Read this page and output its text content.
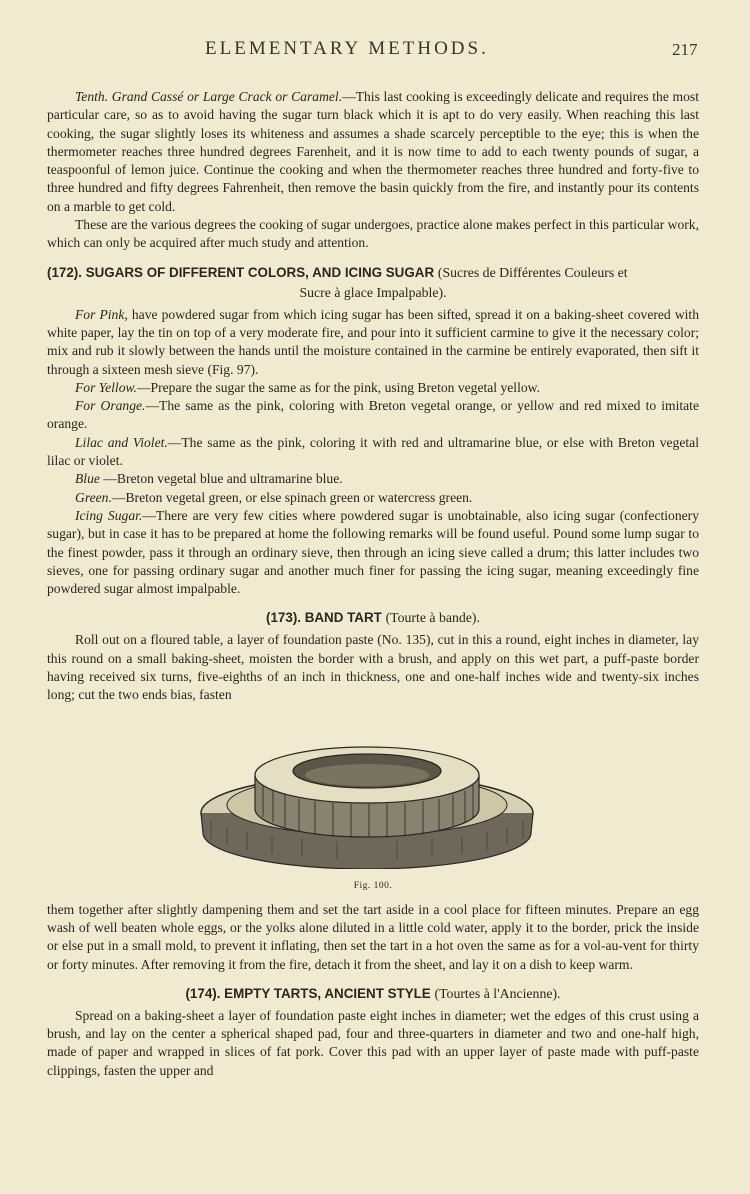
ELEMENTARY METHODS.	217

Tenth. Grand Cassé or Large Crack or Caramel.—This last cooking is exceedingly delicate and requires the most particular care, so as to avoid having the sugar turn black which it is apt to do very easily. When reaching this last cooking, the sugar slightly loses its whiteness and assumes a shade scarcely perceptible to the eye; this is when the thermometer reaches three hundred degrees Farenheit, and it is now time to add to each twenty pounds of sugar, a teaspoonful of lemon juice. Continue the cooking and when the thermometer reaches three hundred and forty-five to three hundred and fifty degrees Fahrenheit, then remove the basin quickly from the fire, and instantly pour its contents on a marble to get cold.

These are the various degrees the cooking of sugar undergoes, practice alone makes perfect in this particular work, which can only be acquired after much study and attention.

(172). SUGARS OF DIFFERENT COLORS, AND ICING SUGAR (Sucres de Différentes Couleurs et
Sucre à glace Impalpable).

For Pink, have powdered sugar from which icing sugar has been sifted, spread it on a baking-sheet covered with white paper, lay the tin on top of a very moderate fire, and pour into it sufficient carmine to give it the necessary color; mix and rub it slowly between the hands until the moisture contained in the carmine be entirely evaporated, then sift it through a sixteen mesh sieve (Fig. 97).

For Yellow.—Prepare the sugar the same as for the pink, using Breton vegetal yellow.

For Orange.—The same as the pink, coloring with Breton vegetal orange, or yellow and red mixed to imitate orange.

Lilac and Violet.—The same as the pink, coloring it with red and ultramarine blue, or else with Breton vegetal lilac or violet.

Blue —Breton vegetal blue and ultramarine blue.

Green.—Breton vegetal green, or else spinach green or watercress green.

Icing Sugar.—There are very few cities where powdered sugar is unobtainable, also icing sugar (confectionery sugar), but in case it has to be prepared at home the following remarks will be found useful. Pound some lump sugar to the finest powder, pass it through an ordinary sieve, then through an icing sieve called a drum; this latter includes two sieves, one for passing ordinary sugar and another much finer for passing the icing sugar, meaning exceedingly fine powdered sugar almost impalpable.

(173). BAND TART (Tourte à bande).

Roll out on a floured table, a layer of foundation paste (No. 135), cut in this a round, eight inches in diameter, lay this round on a small baking-sheet, moisten the border with a brush, and apply on this wet part, a puff-paste border having received six turns, five-eighths of an inch in thickness, one and one-half inches wide and twenty-six inches long; cut the two ends bias, fasten

Fig. 100.

them together after slightly dampening them and set the tart aside in a cool place for fifteen minutes. Prepare an egg wash of well beaten whole eggs, or the yolks alone diluted in a little cold water, apply it to the border, prick the inside or else put in a small mold, to prevent it inflating, then set the tart in a hot oven the same as for a vol-au-vent for thirty or forty minutes. After removing it from the fire, detach it from the sheet, and lay it on a dish to keep warm.

(174). EMPTY TARTS, ANCIENT STYLE (Tourtes à l'Ancienne).

Spread on a baking-sheet a layer of foundation paste eight inches in diameter; wet the edges of this crust using a brush, and lay on the center a spherical shaped pad, four and three-quarters in diameter and two and one-half high, made of paper and wrapped in slices of fat pork. Cover this pad with an upper layer of paste made with puff-paste clippings, fasten the upper and
